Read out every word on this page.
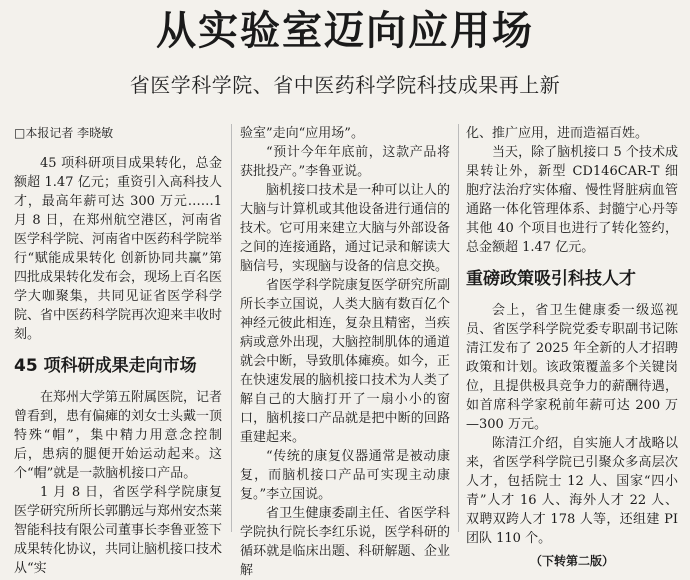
从实验室迈向应用场
省医学科学院、省中医药科学院科技成果再上新
□本报记者 李晓敏

45 项科研项目成果转化，总金额超 1.47 亿元；重资引入高科技人才，最高年薪可达 300 万元……1 月 8 日，在郑州航空港区，河南省医学科学院、河南省中医药科学院举行“赋能成果转化 创新协同共赢”第四批成果转化发布会，现场上百名医学大咖聚集，共同见证省医学科学院、省中医药科学院再次迎来丰收时刻。

45 项科研成果走向市场

在郑州大学第五附属医院，记者曾看到，患有偏瘫的刘女士头戴一顶特殊“帽”，集中精力用意念控制后，患病的腿便开始运动起来。这个“帽”就是一款脑机接口产品。

1 月 8 日，省医学科学院康复医学研究所所长郭鹏远与郑州安杰莱智能科技有限公司董事长李鲁亚签下成果转化协议，共同让脑机接口技术从“实

验室”走向“应用场”。

“预计今年年底前，这款产品将获批投产。”李鲁亚说。

脑机接口技术是一种可以让人的大脑与计算机或其他设备进行通信的技术。它可用来建立大脑与外部设备之间的连接通路，通过记录和解读大脑信号，实现脑与设备的信息交换。

省医学科学院康复医学研究所副所长李立国说，人类大脑有数百亿个神经元彼此相连，复杂且精密，当疾病或意外出现，大脑控制肌体的通道就会中断，导致肌体瘫痪。如今，正在快速发展的脑机接口技术为人类了解自己的大脑打开了一扇小小的窗口，脑机接口产品就是把中断的回路重建起来。

“传统的康复仪器通常是被动康复，而脑机接口产品可实现主动康复。”李立国说。

省卫生健康委副主任、省医学科学院执行院长李红乐说，医学科研的循环就是临床出题、科研解题、企业解

化、推广应用，进而造福百姓。

当天，除了脑机接口 5 个技术成果转让外，新型 CD146CAR-T 细胞疗法治疗实体瘤、慢性肾脏病血管通路一体化管理体系、封髓宁心丹等其他 40 个项目也进行了转化签约，总金额超 1.47 亿元。

重磅政策吸引科技人才

会上，省卫生健康委一级巡视员、省医学科学院党委专职副书记陈清江发布了 2025 年全新的人才招聘政策和计划。该政策覆盖多个关键岗位，且提供极具竞争力的薪酬待遇，如首席科学家税前年薪可达 200 万—300 万元。

陈清江介绍，自实施人才战略以来，省医学科学院已引聚众多高层次人才，包括院士 12 人、国家“四小青”人才 16 人、海外人才 22 人、双聘双跨人才 178 人等，还组建 PI 团队 110 个。

（下转第二版）
